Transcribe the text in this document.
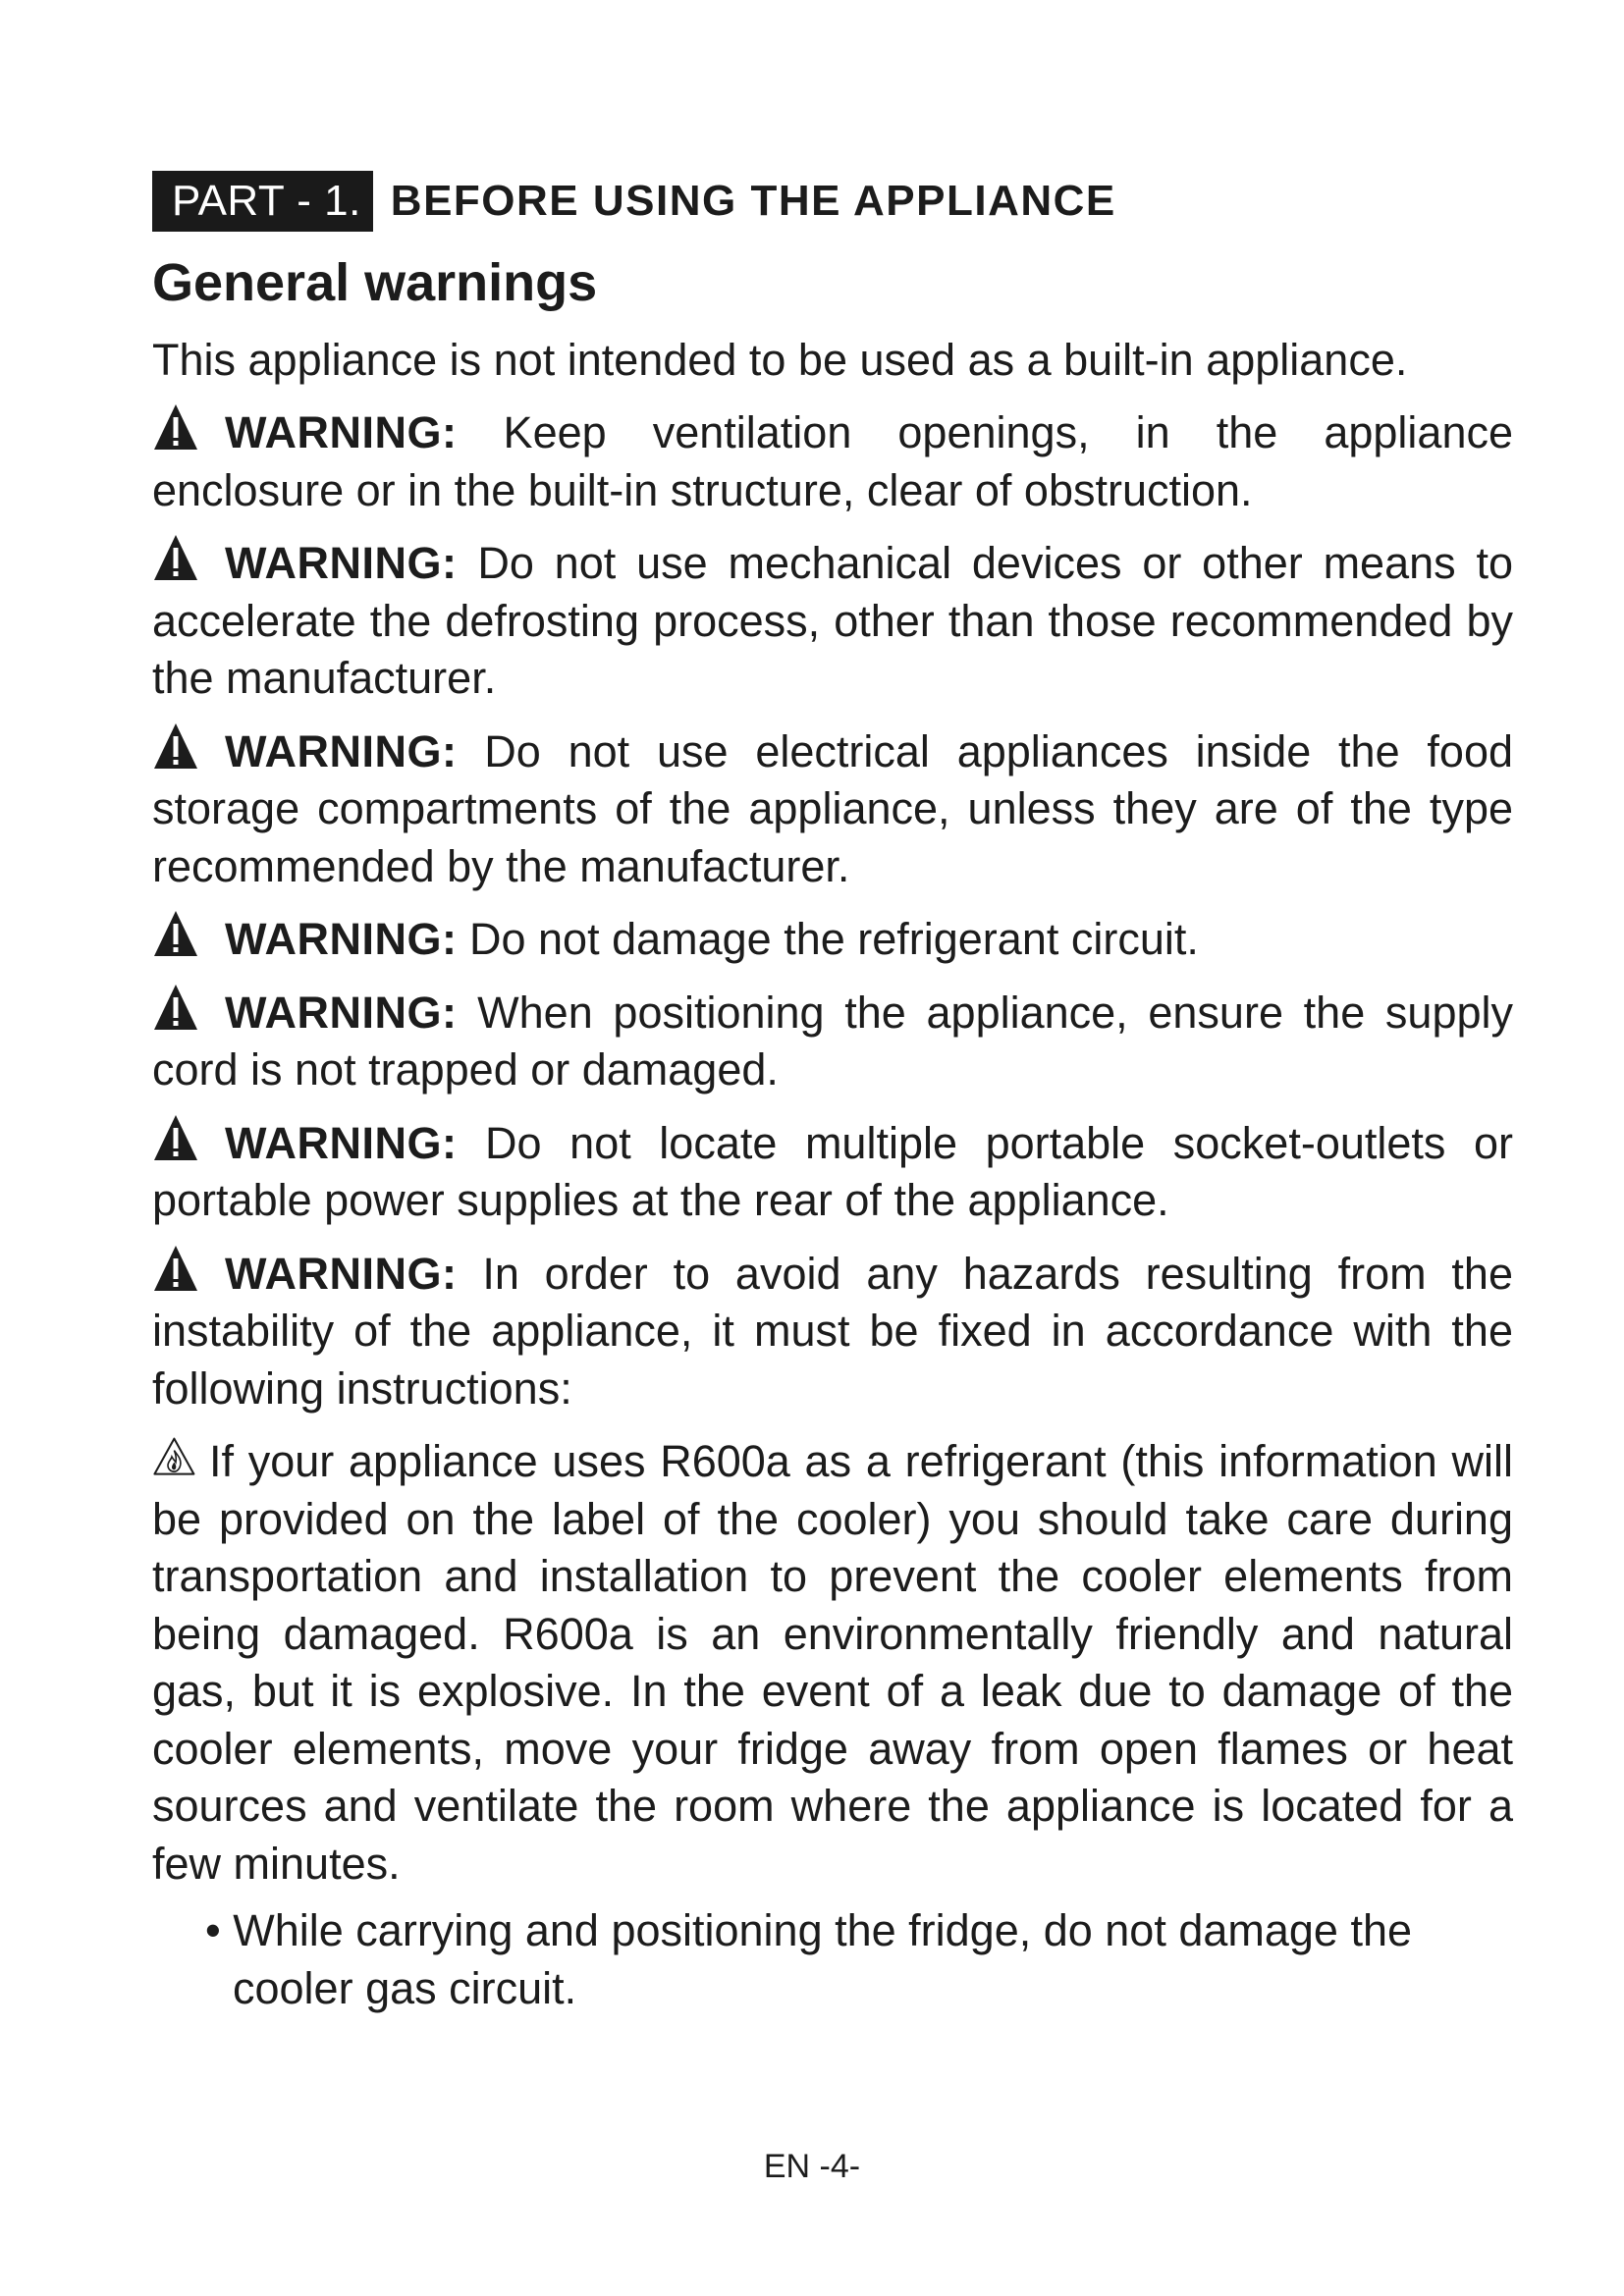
PART - 1. BEFORE USING THE APPLIANCE
General warnings
This appliance is not intended to be used as a built-in appliance.
WARNING: Keep ventilation openings, in the appliance enclosure or in the built-in structure, clear of obstruction.
WARNING: Do not use mechanical devices or other means to accelerate the defrosting process, other than those recommended by the manufacturer.
WARNING: Do not use electrical appliances inside the food storage compartments of the appliance, unless they are of the type recommended by the manufacturer.
WARNING: Do not damage the refrigerant circuit.
WARNING: When positioning the appliance, ensure the supply cord is not trapped or damaged.
WARNING: Do not locate multiple portable socket-outlets or portable power supplies at the rear of the appliance.
WARNING: In order to avoid any hazards resulting from the instability of the appliance, it must be fixed in accordance with the following instructions:
If your appliance uses R600a as a refrigerant (this information will be provided on the label of the cooler) you should take care during transportation and installation to prevent the cooler elements from being damaged. R600a is an environmentally friendly and natural gas, but it is explosive. In the event of a leak due to damage of the cooler elements, move your fridge away from open flames or heat sources and ventilate the room where the appliance is located for a few minutes.
• While carrying and positioning the fridge, do not damage the cooler gas circuit.
EN -4-
